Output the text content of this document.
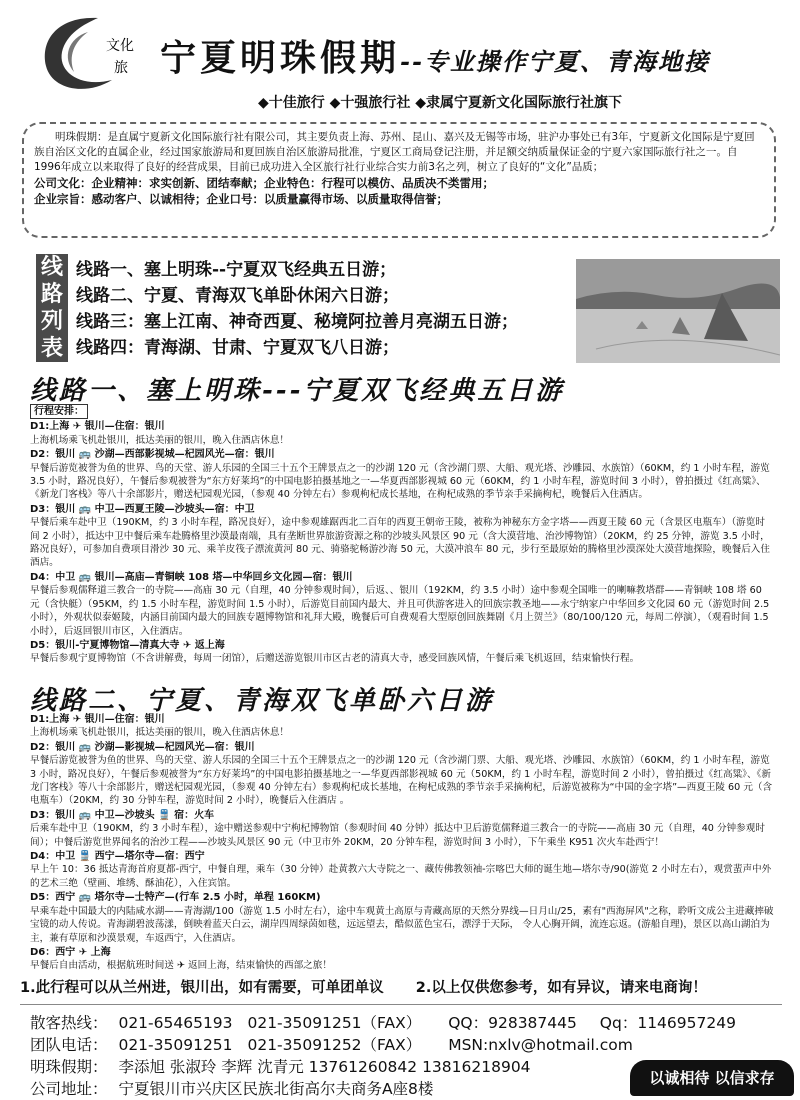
文化
旅 宁夏明珠假期--专业操作宁夏、青海地接
◆十佳旅行 ◆十强旅行社 ◆隶属宁夏新文化国际旅行社旗下
明珠假期：是直属宁夏新文化国际旅行社有限公司，其主要负责上海、苏州、昆山、嘉兴及无锡等市场，驻沪办事处已有3年，宁夏新文化国际是宁夏回族自治区文化的直属企业，经过国家旅游局和夏回族自治区旅游局批准，宁夏区工商局登记注册，并足额交纳质量保证金的宁夏六家国际旅行社之一。自1996年成立以来取得了良好的经营成果，目前已成功进入全区旅行社行业综合实力前3名之列，树立了良好的“文化”品质；
公司文化：企业精神：求实创新、团结奉献；企业特色：行程可以模仿、品质决不类雷用；
企业宗旨：感动客户、以诚相待；企业口号：以质量赢得市场、以质量取得信誉；
线
路
列
表
线路一、塞上明珠--宁夏双飞经典五日游；
线路二、宁夏、青海双飞单卧休闲六日游；
线路三：塞上江南、神奇西夏、秘境阿拉善月亮湖五日游；
线路四：青海湖、甘肃、宁夏双飞八日游；
线路一、塞上明珠---宁夏双飞经典五日游
行程安排：
D1:上海 ✈ 银川—住宿：银川
上海机场乘飞机赴银川，抵达美丽的银川，晚入住酒店休息！
D2：银川 🚌 沙湖—西部影视城—杞园风光—宿：银川
早餐后游览被誉为鱼的世界、鸟的天堂、游人乐园的全国三十五个王牌景点之一的沙湖 120 元（含沙湖门票、大船、观光塔、沙雕园、水族馆）（60KM，约 1 小时车程，游览 3.5 小时，路况良好），午餐后参观被誉为“东方好莱坞”的中国电影拍摄基地之一—华夏西部影视城 60 元（60KM，约 1 小时车程，游览时间 3 小时），曾拍摄过《红高粱》、《新龙门客栈》等八十余部影片，赠送杞园观光园，（参观 40 分钟左右）参观枸杞成长基地，在枸杞成熟的季节亲手采摘枸杞，晚餐后入住酒店。
D3：银川 🚌 中卫—西夏王陵—沙坡头—宿：中卫
早餐后乘车赴中卫（190KM，约 3 小时车程，路况良好），途中参观雄踞西北二百年的西夏王朝帝王陵，被称为神秘东方金字塔——西夏王陵 60 元（含景区电瓶车）（游览时间 2 小时），抵达中卫中餐后乘车赴腾格里沙漠最南端，具有垄断世界旅游资源之称的沙坡头风景区 90 元（含大漠营地、治沙博物馆）（20KM，约 25 分钟，游览 3.5 小时，路况良好），可参加自费项目滑沙 30 元、乘羊皮筏子漂流黄河 80 元、骑骆驼畅游沙海 50 元，大漠冲浪车 80 元，步行至最原始的腾格里沙漠深处大漠营地探险，晚餐后入住酒店。
D4：中卫 🚌 银川—高庙—青铜峡 108 塔—中华回乡文化园—宿：银川
早餐后参观儒释道三教合一的寺院——高庙 30 元（自理，40 分钟参观时间），后返、、银川（192KM，约 3.5 小时）途中参观全国唯一的喇嘛教塔群——青铜峡 108 塔 60 元（含快艇）（95KM，约 1.5 小时车程，游览时间 1.5 小时），后游览目前国内最大、并且可供游客进入的回族宗教圣地——永宁纳家户中华回乡文化园 60 元（游览时间 2.5 小时），外观状似泰姬陵，内涵目前国内最大的回族专题博物馆和礼拜大殿，晚餐后可自费观看大型原创回族舞剧《月上贺兰》（80/100/120 元，每周二停演），（观看时间 1.5 小时），后返回银川市区，入住酒店。
D5：银川-宁夏博物馆—清真大寺 ✈ 返上海
早餐后参观宁夏博物馆（不含讲解费，每周一闭馆），后赠送游览银川市区古老的清真大寺，感受回族风情，午餐后乘飞机返回，结束愉快行程。
线路二、宁夏、青海双飞单卧六日游
D1:上海 ✈ 银川—住宿：银川
上海机场乘飞机赴银川，抵达美丽的银川，晚入住酒店休息！
D2：银川 🚌 沙湖—影视城—杞园风光—宿：银川
早餐后游览被誉为鱼的世界、鸟的天堂、游人乐园的全国三十五个王牌景点之一的沙湖 120 元（含沙湖门票、大船、观光塔、沙雕园、水族馆）（60KM，约 1 小时车程，游览 3 小时，路况良好），午餐后参观被誉为“东方好莱坞”的中国电影拍摄基地之一—华夏西部影视城 60 元（50KM，约 1 小时车程，游览时间 2 小时），曾拍摄过《红高粱》、《新龙门客栈》等八十余部影片，赠送杞园观光园，（参观 40 分钟左右）参观枸杞成长基地，在枸杞成熟的季节亲手采摘枸杞，后游览被称为“中国的金字塔”—西夏王陵 60 元（含电瓶车）（20KM，约 30 分钟车程，游览时间 2 小时），晚餐后入住酒店 。
D3：银川 🚌 中卫—沙坡头 🚆 宿：火车
后乘车赴中卫（190KM，约 3 小时车程），途中赠送参观中宁枸杞博物馆（参观时间 40 分钟）抵达中卫后游览儒释道三教合一的寺院——高庙 30 元（自理，40 分钟参观时间）；中餐后游览世界闻名的治沙工程——沙坡头风景区 90 元（中卫市外 20KM，20 分钟车程，游览时间 3 小时），下午乘坐 K951 次火车赴西宁！
D4：中卫 🚆 西宁—塔尔寺—宿：西宁
早上午 10：36 抵达青海首府夏都-西宁，中餐自理，乘车（30 分钟）赴黄教六大寺院之一、藏传佛教领袖-宗喀巴大师的诞生地—塔尔寺/90(游览 2 小时左右），观赏蜚声中外的艺术三绝（壁画、堆绣、酥油花），入住宾馆。
D5：西宁 🚌 塔尔寺—士特产—(行车 2.5 小时，单程 160KM)
早乘车赴中国最大的内陆咸水湖——青海湖/100（游览 1.5 小时左右），途中车观黄土高原与青藏高原的天然分界线—日月山/25，素有"西海屏风"之称，聆听文成公主进藏摔破宝镜的动人传说。青海湖碧波荡漾，倒映着蓝天白云，湖岸四周绿茵如毯，远远望去，酷似蓝色宝石，漂浮于天际， 令人心胸开阔，流连忘返。(游船自理)，景区以高山湖泊为主，兼有草原和沙漠景观，车返西宁，入住酒店。
D6：西宁 ✈ 上海
早餐后自由活动，根据航班时间送 ✈ 返回上海，结束愉快的西部之旅！
1.此行程可以从兰州进，银川出，如有需要，可单团单议 2.以上仅供您参考，如有异议，请来电商询！
散客热线： 021-65465193 021-35091251（FAX） QQ：928387445 Qq：1146957249
团队电话： 021-35091251 021-35091252（FAX） MSN:nxlv@hotmail.com
明珠假期： 李添旭 张淑玲 李辉 沈青元 13761260842 13816218904
公司地址： 宁夏银川市兴庆区民族北街高尔夫商务A座8楼
以诚相待 以信求存
